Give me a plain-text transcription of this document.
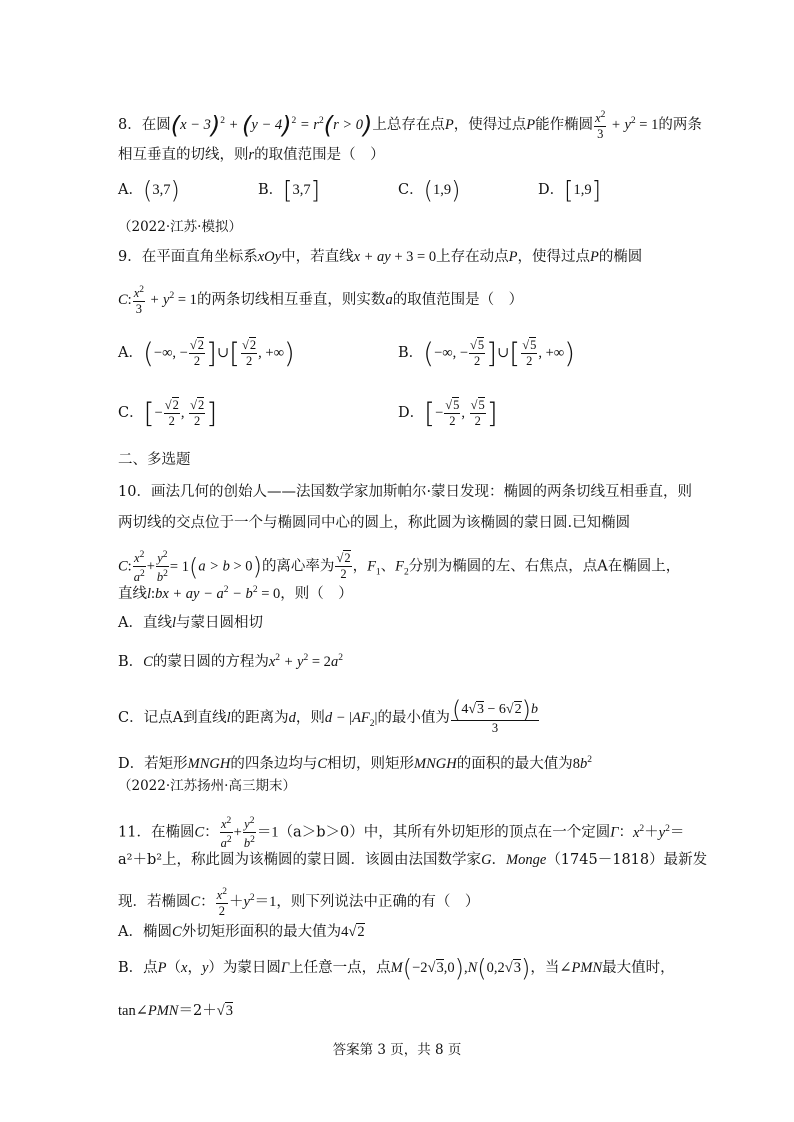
8．在圆$(x - 3)^2 + (y - 4)^2 = r^2(r > 0)$上总存在点P，使得过点P能作椭圆 $\frac{x^2}{3} + y^2 = 1$的两条
相互垂直的切线，则r的取值范围是（　）
A．(3,7)	B．[3,7]	C．(1,9)	D．[1,9]
（2022·江苏·模拟）
9．在平面直角坐标系xOy中，若直线x + ay + 3 = 0上存在动点P，使得过点P的椭圆
C: $\frac{x^2}{3} + y^2 = 1$的两条切线相互垂直，则实数a的取值范围是（　）
A．(−∞, − $\frac{√2}{2}$ ]∪[ $\frac{√2}{2}$ , +∞)	B．(−∞, − $\frac{√5}{2}$ ]∪[ $\frac{√5}{2}$ , +∞)
C．[− $\frac{√2}{2}$ , $\frac{√2}{2}$ ]	D．[− $\frac{√5}{2}$ , $\frac{√5}{2}$ ]
二、多选题
10．画法几何的创始人——法国数学家加斯帕尔·蒙日发现：椭圆的两条切线互相垂直，则
两切线的交点位于一个与椭圆同中心的圆上，称此圆为该椭圆的蒙日圆.已知椭圆
C: $\frac{x^2}{a^2} + \frac{y^2}{b^2} = 1(a > b > 0)$的离心率为 $\frac{√2}{2}$ ，$F_1$、$F_2$分别为椭圆的左、右焦点，点A在椭圆上，
直线l:bx + ay − $a^2 - b^2 = 0$，则（　）
A．直线l与蒙日圆相切
B．C的蒙日圆的方程为$x^2 + y^2 = 2a^2$
C．记点A到直线l的距离为d，则$d - |AF_2|$的最小值为 $\frac{(4√3 - 6√2)b}{3}$
D．若矩形MNGH的四条边均与C相切，则矩形MNGH的面积的最大值为$8b^2$
（2022·江苏扬州·高三期末）
11．在椭圆C： $\frac{x^2}{a^2} + \frac{y^2}{b^2} =1(a>b>0)$中，其所有外切矩形的顶点在一个定圆Γ：$x^2+y^2=$
a²＋b²上，称此圆为该椭圆的蒙日圆．该圆由法国数学家G．Monge（1745－1818）最新发
现．若椭圆C： $\frac{x^2}{2} +y^2=1$，则下列说法中正确的有（　）
A．椭圆C外切矩形面积的最大值为4√2
B．点P（x，y）为蒙日圆Γ上任意一点，点M(−2√3,0),N(0,2√3)，当∠PMN最大值时，
tan∠PMN＝2＋√3
答案第 3 页，共 8 页
